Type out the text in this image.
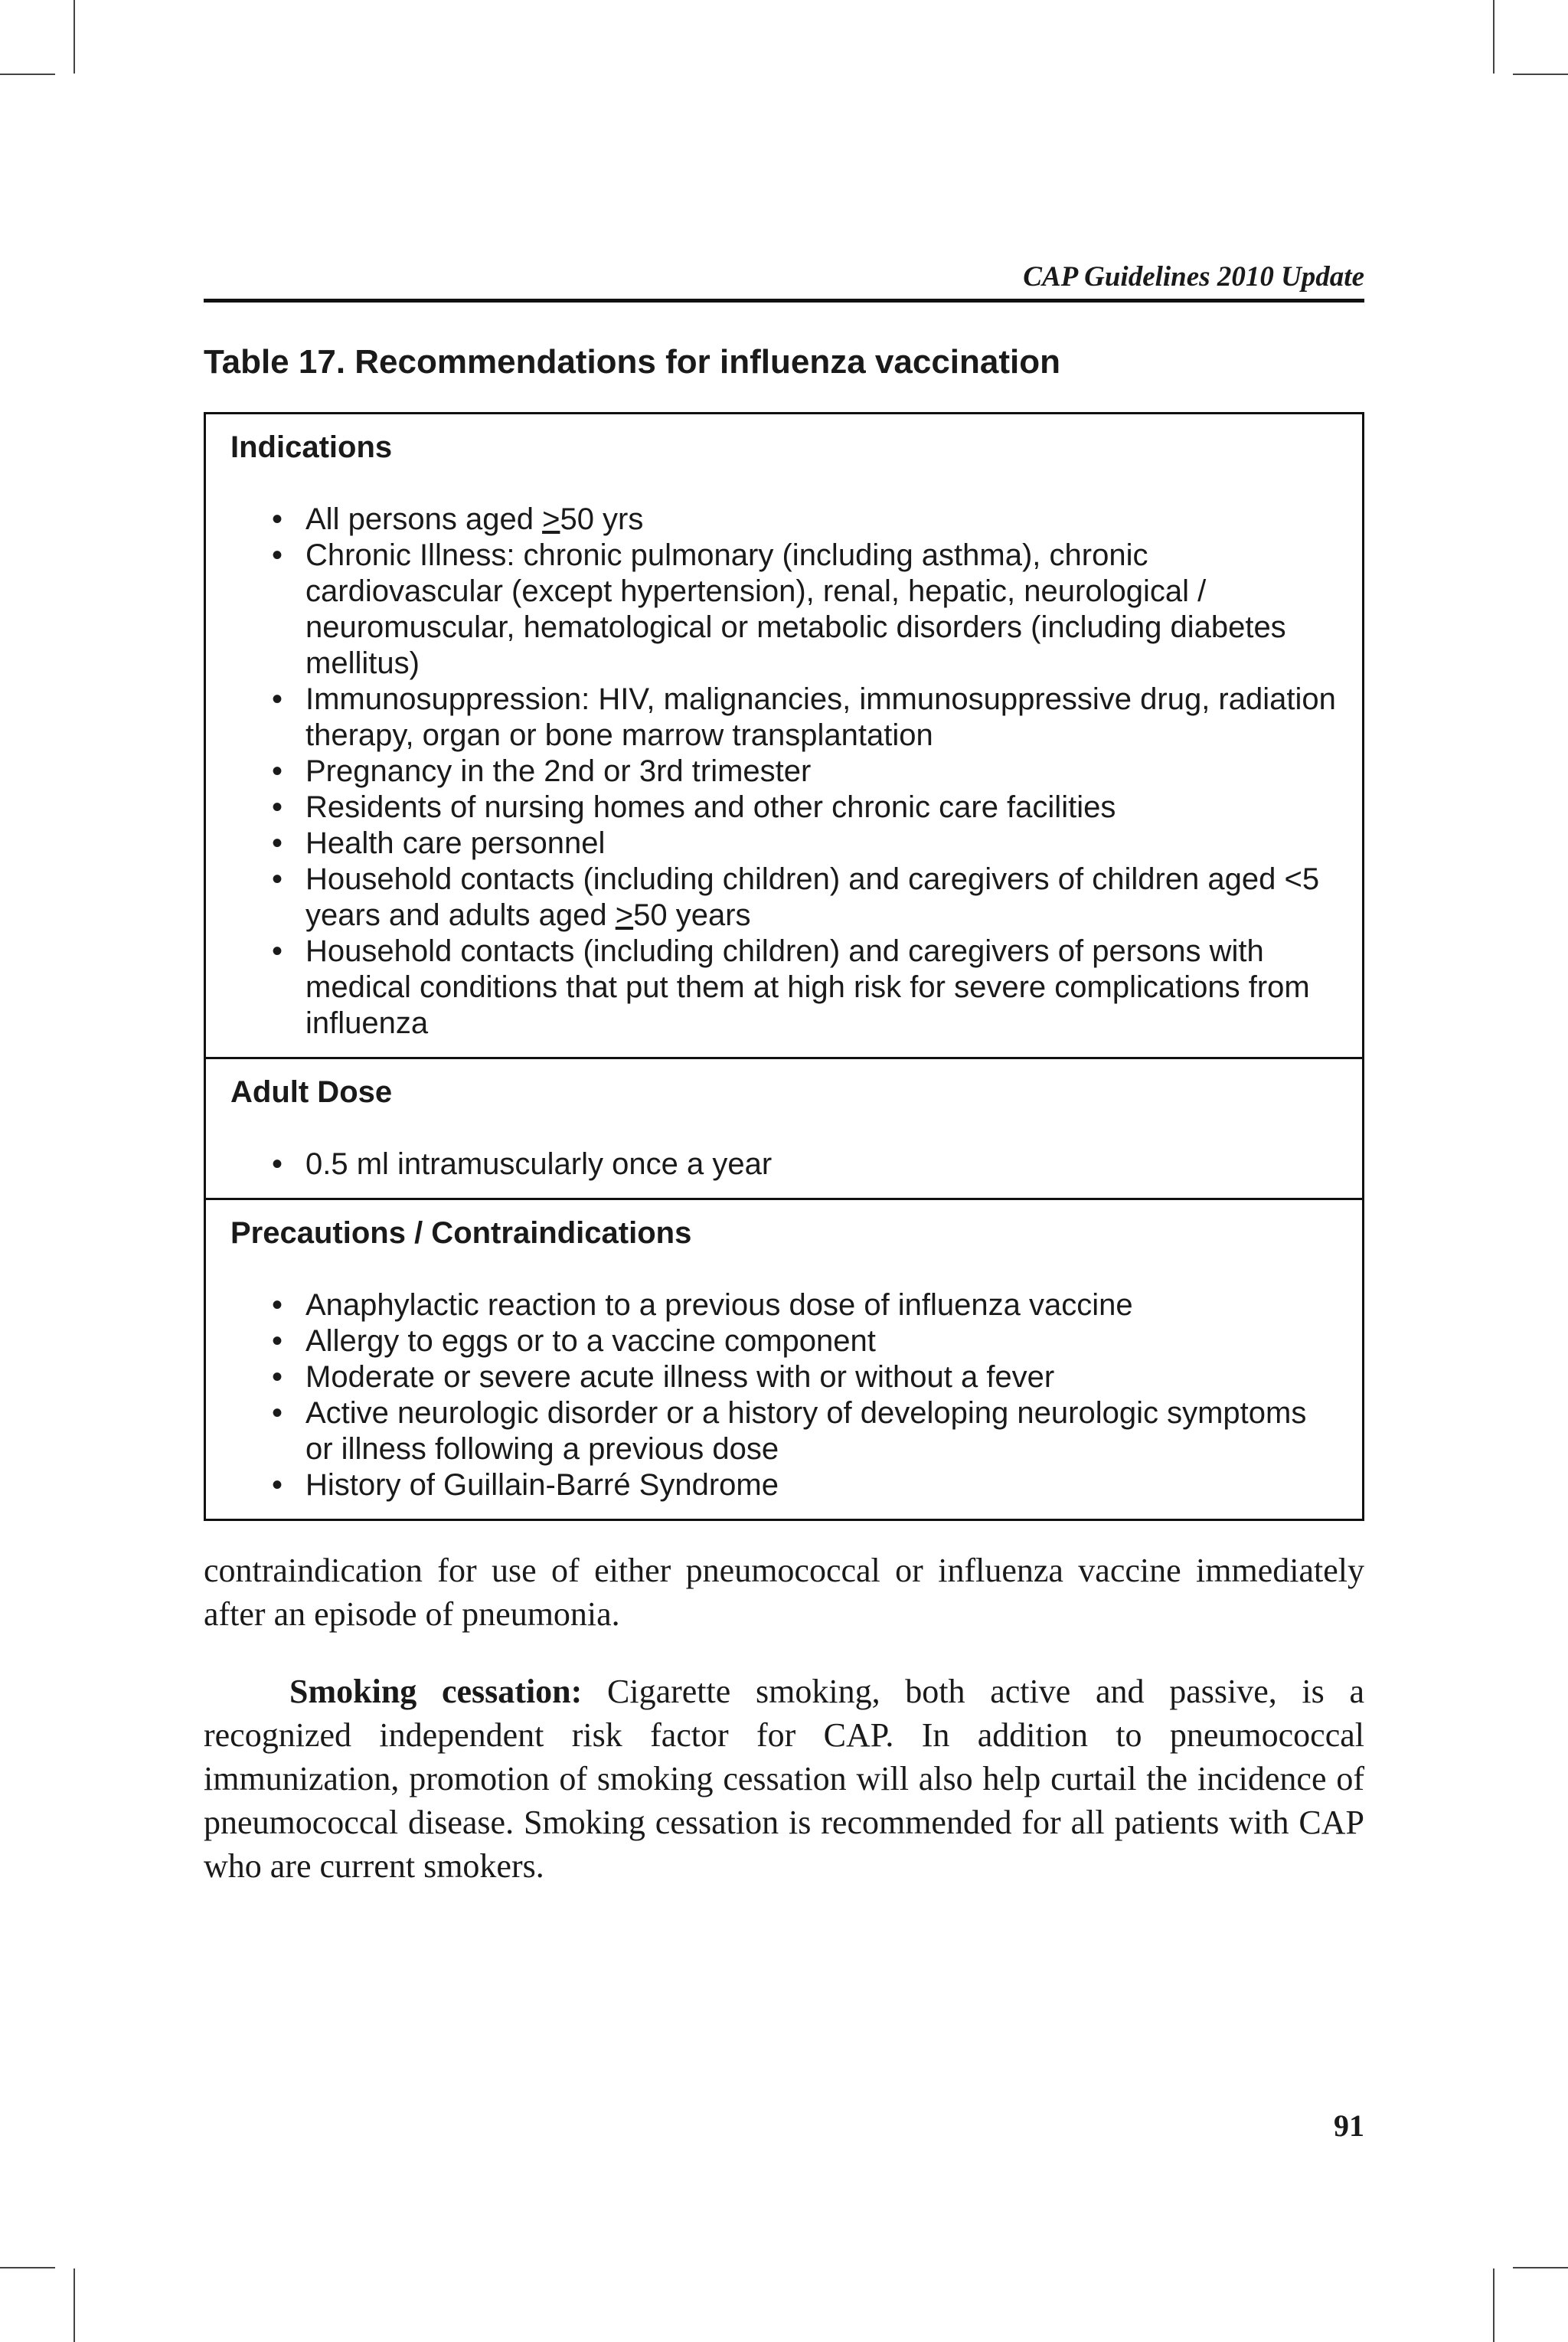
CAP Guidelines 2010 Update
Table 17. Recommendations for influenza vaccination
Indications
• All persons aged >50 yrs
• Chronic Illness: chronic pulmonary (including asthma), chronic cardiovascular (except hypertension), renal, hepatic, neurological / neuromuscular, hematological or metabolic disorders (including diabetes mellitus)
• Immunosuppression: HIV, malignancies, immunosuppressive drug, radiation therapy, organ or bone marrow transplantation
• Pregnancy in the 2nd or 3rd trimester
• Residents of nursing homes and other chronic care facilities
• Health care personnel
• Household contacts (including children) and caregivers of children aged <5 years and adults aged >50 years
• Household contacts (including children) and caregivers of persons with medical conditions that put them at high risk for severe complications from influenza
Adult Dose
• 0.5 ml intramuscularly once a year
Precautions / Contraindications
• Anaphylactic reaction to a previous dose of influenza vaccine
• Allergy to eggs or to a vaccine component
• Moderate or severe acute illness with or without a fever
• Active neurologic disorder or a history of developing neurologic symptoms or illness following a previous dose
• History of Guillain-Barré Syndrome

contraindication for use of either pneumococcal or influenza vaccine immediately after an episode of pneumonia.

Smoking cessation: Cigarette smoking, both active and passive, is a recognized independent risk factor for CAP. In addition to pneumococcal immunization, promotion of smoking cessation will also help curtail the incidence of pneumococcal disease. Smoking cessation is recommended for all patients with CAP who are current smokers.

91
